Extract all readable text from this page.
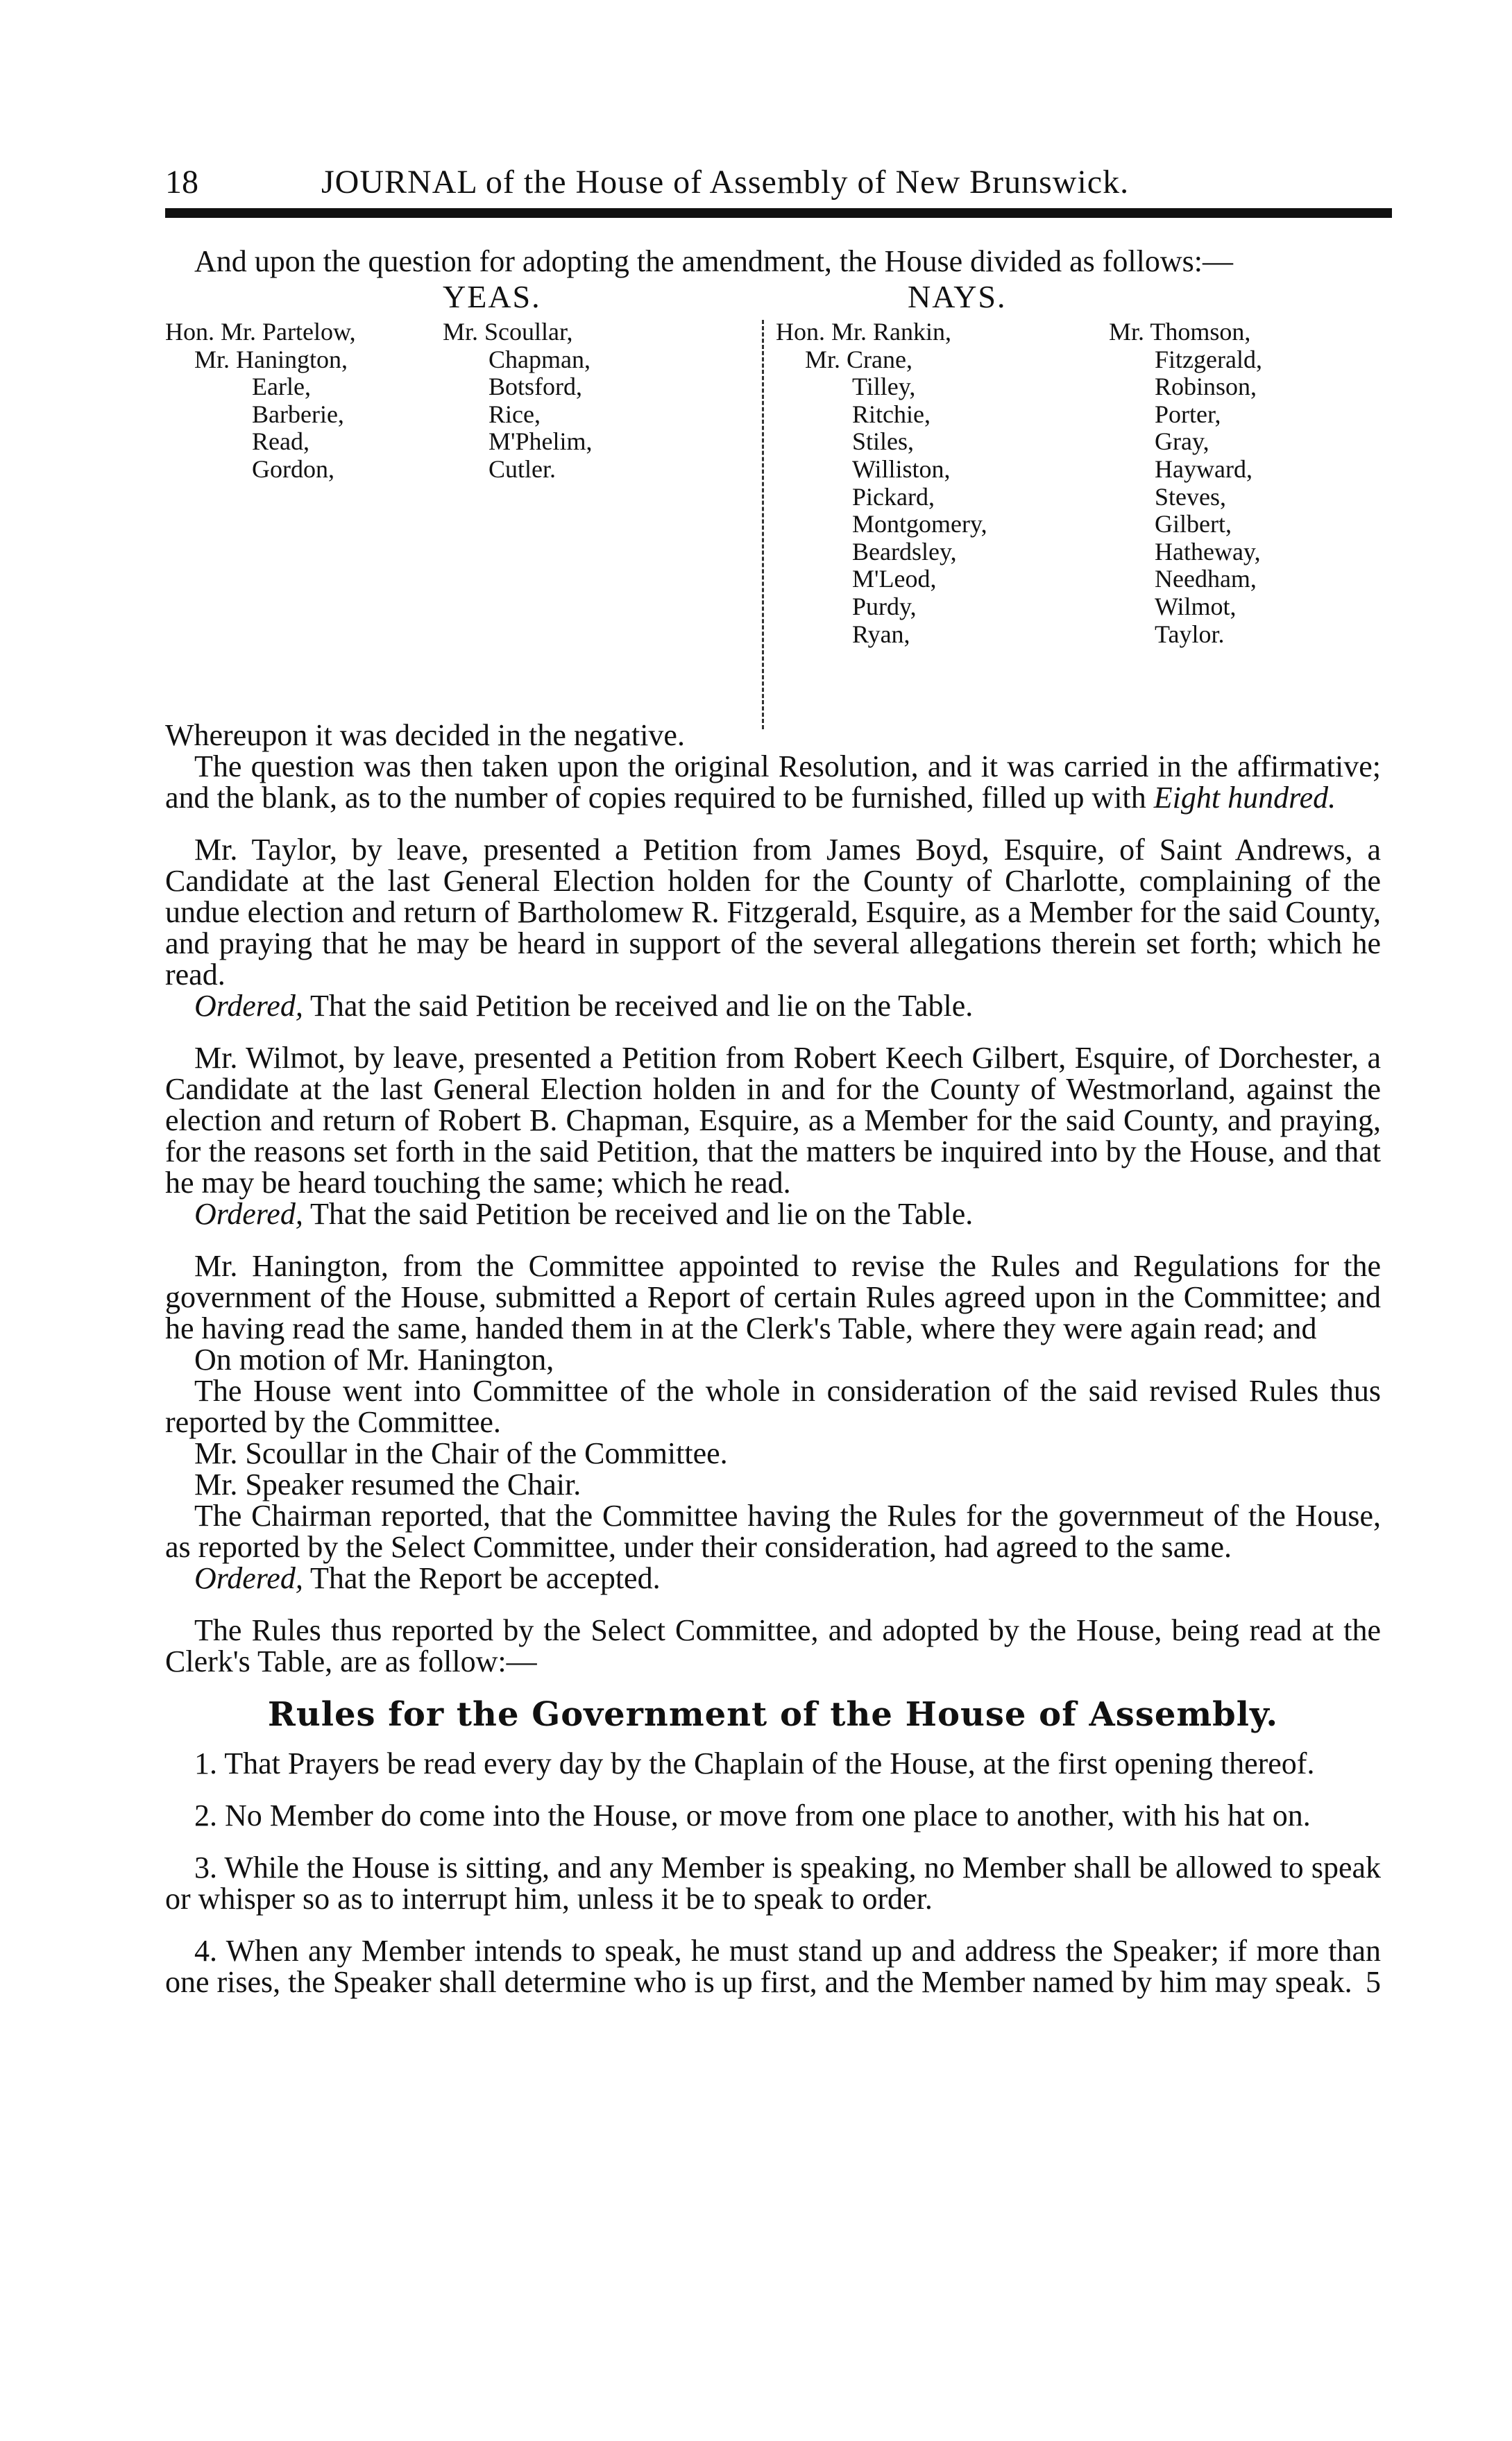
18	JOURNAL of the House of Assembly of New Brunswick.

And upon the question for adopting the amendment, the House divided as follows:—

YEAS.	NAYS.
Hon. Mr. Partelow,
Mr. Hanington,
Earle,
Barberie,
Read,
Gordon,
Mr. Scoullar,
Chapman,
Botsford,
Rice,
M'Phelim,
Cutler.
Hon. Mr. Rankin,
Mr. Crane,
Tilley,
Ritchie,
Stiles,
Williston,
Pickard,
Montgomery,
Beardsley,
M'Leod,
Purdy,
Ryan,
Mr. Thomson,
Fitzgerald,
Robinson,
Porter,
Gray,
Hayward,
Steves,
Gilbert,
Hatheway,
Needham,
Wilmot,
Taylor.

Whereupon it was decided in the negative.

The question was then taken upon the original Resolution, and it was carried in the affirmative; and the blank, as to the number of copies required to be furnished, filled up with Eight hundred.

Mr. Taylor, by leave, presented a Petition from James Boyd, Esquire, of Saint Andrews, a Candidate at the last General Election holden for the County of Charlotte, complaining of the undue election and return of Bartholomew R. Fitzgerald, Esquire, as a Member for the said County, and praying that he may be heard in support of the several allegations therein set forth; which he read.

Ordered, That the said Petition be received and lie on the Table.

Mr. Wilmot, by leave, presented a Petition from Robert Keech Gilbert, Esquire, of Dorchester, a Candidate at the last General Election holden in and for the County of Westmorland, against the election and return of Robert B. Chapman, Esquire, as a Member for the said County, and praying, for the reasons set forth in the said Petition, that the matters be inquired into by the House, and that he may be heard touching the same; which he read.

Ordered, That the said Petition be received and lie on the Table.

Mr. Hanington, from the Committee appointed to revise the Rules and Regulations for the government of the House, submitted a Report of certain Rules agreed upon in the Committee; and he having read the same, handed them in at the Clerk's Table, where they were again read; and

On motion of Mr. Hanington,

The House went into Committee of the whole in consideration of the said revised Rules thus reported by the Committee.

Mr. Scoullar in the Chair of the Committee.

Mr. Speaker resumed the Chair.

The Chairman reported, that the Committee having the Rules for the governmeut of the House, as reported by the Select Committee, under their consideration, had agreed to the same.

Ordered, That the Report be accepted.

The Rules thus reported by the Select Committee, and adopted by the House, being read at the Clerk's Table, are as follow:—

Rules for the Government of the House of Assembly.

1. That Prayers be read every day by the Chaplain of the House, at the first opening thereof.

2. No Member do come into the House, or move from one place to another, with his hat on.

3. While the House is sitting, and any Member is speaking, no Member shall be allowed to speak or whisper so as to interrupt him, unless it be to speak to order.

4. When any Member intends to speak, he must stand up and address the Speaker; if more than one rises, the Speaker shall determine who is up first, and the Member named by him may speak. 5
